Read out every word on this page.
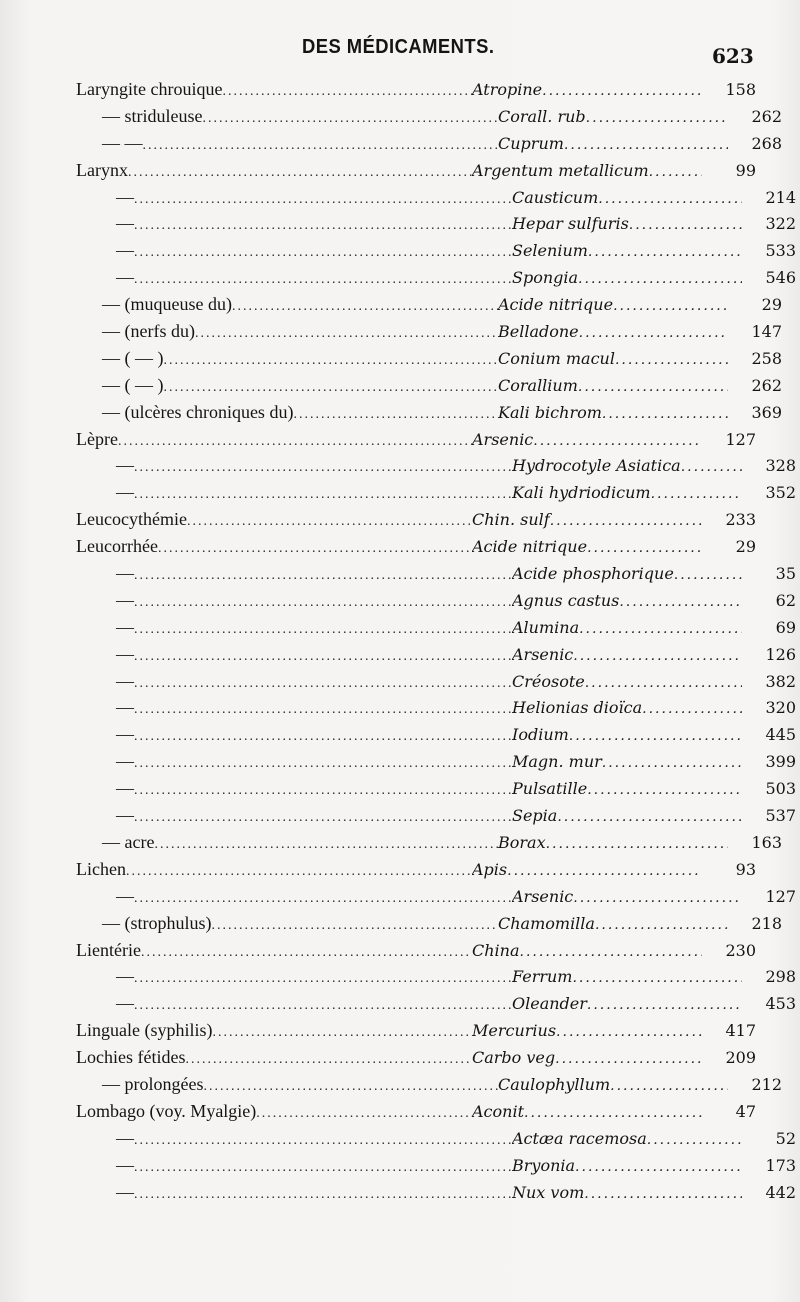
DES MÉDICAMENTS.	623
Laryngite chrouique .....	Atropine .....	158
— striduleuse .....	Corall. rub .....	262
— — .....	Cuprum .....	268
Larynx .....	Argentum metallicum .....	99
— .....	Causticum .....	214
— .....	Hepar sulfuris .....	322
— .....	Selenium .....	533
— .....	Spongia .....	546
— (muqueuse du) .....	Acide nitrique .....	29
— (nerfs du) .....	Belladone .....	147
— ( — ) .....	Conium macul .....	258
— ( — ) .....	Corallium .....	262
— (ulcères chroniques du) .....	Kali bichrom .....	369
Lèpre .....	Arsenic .....	127
— .....	Hydrocotyle Asiatica .....	328
— .....	Kali hydriodicum .....	352
Leucocythémie .....	Chin. sulf .....	233
Leucorrhée .....	Acide nitrique .....	29
— .....	Acide phosphorique .....	35
— .....	Agnus castus .....	62
— .....	Alumina .....	69
— .....	Arsenic .....	126
— .....	Créosote .....	382
— .....	Helionias dioïca .....	320
— .....	Iodium .....	445
— .....	Magn. mur .....	399
— .....	Pulsatille .....	503
— .....	Sepia .....	537
— acre .....	Borax .....	163
Lichen .....	Apis .....	93
— .....	Arsenic .....	127
— (strophulus) .....	Chamomilla .....	218
Lientérie .....	China .....	230
— .....	Ferrum .....	298
— .....	Oleander .....	453
Linguale (syphilis) .....	Mercurius .....	417
Lochies fétides .....	Carbo veg .....	209
— prolongées .....	Caulophyllum .....	212
Lombago (voy. Myalgie) .....	Aconit .....	47
— .....	Actæa racemosa .....	52
— .....	Bryonia .....	173
— .....	Nux vom .....	442
